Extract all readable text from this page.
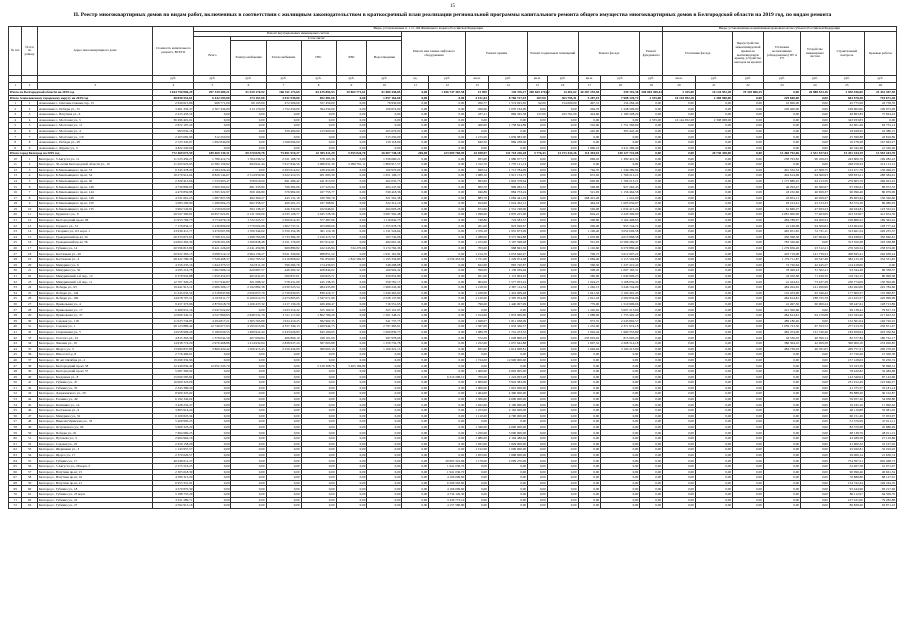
15
II. Реестр многоквартирных домов по видам работ, включенных в соответствии с жилищным законодательством в краткосрочный план реализации региональной программы капитального ремонта общего имущества многоквартирных домов в Белгородской области на 2019 год, по видам ремонта
№ п/п	№ п/п по району	Адрес многоквартирного дома	Стоимость капитального ремонта, ВСЕГО	Виды, установленные п. 1 ст. 166 Жилищного кодекса Российской Федерации															Виды, установленные нормативным правовым актом субъекта Российской Федерации						
				Ремонт внутридомовых инженерных систем						Ремонт или замена лифтового оборудования		Ремонт крыши		Ремонт подвальных помещений		Ремонт фасада		Ремонт фундамента	Утепление фасада		Переустройство невентилируемой крыши на вентилируемую крышу, устройство выходов на кровлю	Установка коллективных (общедомовых) ПУ и УУ	Устройство инженерных систем	Строительный контроль	Краевые работы
				Всего	в том числе:																				
					Электроснабжение	Теплоснабжение	ГВС	ХВС	Водоотведение																
			руб.	руб.	руб.	руб.	руб.	руб.	руб.	ед.	руб.	кв.м.	руб.	кв.м.	руб.	кв.м.	руб.	руб.	кв.м.	руб.	руб.	руб.	руб.	руб.	руб.
1	2	3	4	5	6	7	8	9	10	11	12	13	14	15	16	17	18	19	20	21	22	23	24	25	26
Итого по Белгородской области на 2019 год			1 644 750 806,29	297 339 489,21	91 529 170,92	166 511 173,69	63 435 894,93	29 804 771,61	61 089 448,85	0,00	1 046 747 367,58	15 859	130 376,27	260 845 470,62	14 401,62	40 387 255,58	259 192,38	206 804 498,43	2 335,00	16 144 952,28	70 318 806,25	0,00	26 888 523,16	2 030 556,00	25 432 307,38
Итого Алексеевскому городскому округу на 2019 год			48 850 551,61	6 442 293,00	274 167,00	4 551 939,00	692 481,00	0,00	1 057 164,00	0,00	0,00	4 151,63	8 760 727,93	207,00	363 795,41	5 287,19	7 908 149,72	2 335,00	16 144 952,28	2 308 968,00	0,00	229 600,00	0,00	843 578,38	710 671,28
1	1	Алексеевка г., Олеговы главные тер, 13	2 630 615,86	968 771,00	60 195,00	472 206,00	357 450,00	0,00	78 930,00	0,00	0,00	456,77	1 574 025,65	92,00	154 000,00	497,31	154 284,46	0,00	0,00	0,00	0,00	10 000,00	0,00	45 775,99	43 758,76
2	2	Алексеевка г., Победы ул., 72	3 461 332,37	2 367 434,00	214 170,00	1 752 250,00	394 332,00	0,00	106 672,00	0,00	0,00	456,00	1 070 164,00	0,00	0,00	294,70	1 228 599,00	0,00	0,00	0,00	0,00	230 400,00	0,00	109 602,66	109 973,09
3	3	Алексеевка г., Ватутина ул., 6	2 415 435,52	0,00	0,00	0,00	0,00	0,00	0,00	0,00	0,00	437,21	869 565,58	137,00	223 791,00	424,00	1 180 328,29	0,00	0,00	0,00	0,00	0,00	0,00	48 863,83	75 824,43
4	4	Алексеевка г., Мостовая ул., 5	36 496 401,61	0,00	0,00	0,00	0,00	0,00	0,00	0,00	0,00	0,00	0,00	0,00	0,00	0,00	0,00	2 335,00	16 144 952,28	2 308 968,00	0,00	0,00	0,00	343 933,83	0,00
5	5	Алексеевка г., Мостовая ул., 11	2 872 197,24	0,00	0,00	0,00	0,00	0,00	0,00	0,00	0,00	466,00	1 758 624,89	0,00	0,00	516,00	1 751 560,60	0,00	0,00	0,00	0,00	0,00	0,00	62 601,49	63 755,14
6	6	Алексеевка г., Мостовая ул., 4	993 032,18	0,00	0,00	329 400,00	123 900,00	0,00	205 670,00	0,00	0,00	0,00	0,00	0,00	0,00	245,00	303 445,44	0,00	0,00	0,00	0,00	0,00	0,00	18 928,65	16 380,15
7	7	Алексеевка г., Мостовая ул., 1/9	2 263 082,96	312 250,00	0,00	0,00	0,00	0,00	313 250,00	0,00	0,00	1 215,00	1 659 983,00	0,00	0,00	0,00	0,00	0,00	0,00	0,00	0,00	0,00	0,00	45 599,88	43 819,89
8	8	Алексеевка г., Победы ул., 28	2 723 345,67	1 692 840,00	0,00	1 598 094,00	0,00	0,00	159 118,00	0,00	0,00	640,50	869 238,00	0,00	0,00	0,00	0,00	0,00	0,00	0,00	0,00	0,00	0,00	16 278,28	167 663,27
9	9	Алексеевка г., Фрунзе ул., 3	4 822 220,00	0,00	0,00	0,00	0,00	0,00	0,00	0,00	0,00	0,00	0,00	0,00	0,00	1 866,23	3 411 289,40	0,00	0,00	0,00	0,00	0,00	0,00	40 542,48	41 520,49
Итого город Белгород на 2019 год			772 469 073,59	189 469 139,31	69 370 829,78	75 691 919,27	22 395 411,29	5 953 024,70	26 007 748,18	206,00	223 909 768,09	42 038,97	131 718 226,28	5 776,43	14 273 434,26	114 394,01	140 127 741,08	0,00	0,00	20 730 438,00	0,00	13 460 792,06	2 531 527,04	15 451 344,19	13 555 443,78
10	1	Белгород г., 5 Августа ул., 11	11 525 450,27	1 780 412,74	1 704 236,52	2 521 168,79	378 163,36	0,00	1 356 660,21	0,00	0,00	955,00	1 980 977,77	0,00	0,00	669,43	1 380 410,32	0,00	0,00	0,00	0,00	238 793,82	90 106,23	243 606,70	199 282,22
11	2	Белгород г., 50-летия Белгородской области ул., 10	11 263 923,93	12 384 159,92	994 941,44	7 617 844,56	1 089 631,39	2 099 791,11	1 809 917,57	0,00	0,00	1 312,70	1 770 121,14	0,00	0,00	0,00	0,00	0,00	0,00	0,00	0,00	0,00	0,00	248 258,34	214 113,12
12	3	Белгород г., Б.Хмельницкого пр-кт, 33	6 345 478,20	2 584 326,44	0,00	2 265 014,02	228 432,86	0,00	160 970,00	0,00	0,00	849,54	1 713 784,09	0,00	0,00	764,70	1 549 289,94	0,00	0,00	0,00	0,00	401 532,52	47 308,75	123 471,79	136 496,25
13	4	Белгород г., Б.Хмельницкого пр-кт, 34	16 279 914,64	8 826 144,67	2 514 959,96	3 622 410,53	901 683,39	0,00	1 651 106,17	0,00	0,00	1 088,10	1 915 154,75	0,00	0,00	672,92	1 766 213,21	0,00	0,00	0,00	0,00	404 614,69	94 366,93	338 833,21	288 384,61
14	5	Белгород г., Б.Хмельницкого пр-кт, 36	2 329 413,06	1 533 963,47	358 619,60	691 489,42	241 813,00	0,00	202 035,75	0,00	0,00	693,00	1 843 578,64	0,00	0,00	649,99	1 766 213,21	0,00	0,00	0,00	0,00	1 175 880,45	64 153,56	279 665,79	266 923,43
15	6	Белгород г., Б.Хмельницкого пр-кт, 140	4 739 899,93	2 069 394,62	681 335,80	766 382,06	217 223,94	0,00	404 247,94	0,00	0,00	900,70	999 962,31	0,00	0,00	548,99	927 262,43	0,00	0,00	0,00	0,00	46 293,47	40 360,97	97 036,61	86 072,53
16	7	Белгород г., Б.Хмельницкого пр-кт, 144	4 479 859,88	1 395 322,97	309 166,80	576 982,00	167 755,77	0,00	339 418,36	0,00	0,00	946,89	884 753,24	0,00	0,00	521,95	1 156 464,58	0,00	0,00	0,00	0,00	43 232,66	40 659,37	90 096,46	80 079,99
17	8	Белгород г., Б.Хмельницкого пр-кт, 148	4 531 661,23	1 687 827,58	482 360,27	443 131,16	169 782,79	0,00	321 561,38	0,00	0,00	883,76	1 084 441,29	0,00	0,00	268 415,26	1 241,00	0,00	0,00	0,00	0,00	43 831,11	40 659,37	89 605,64	136 326,60
18	9	Белгород г., Б.Хмельницкого пр-кт, 150	3 083 209,90	1 286 804,23	662 358,27	469 201,23	167 398,81	0,00	324 314,10	0,00	0,00	624,00	1 024 432,12	0,00	0,00	464,18	1 005 659,07	0,00	0,00	0,00	0,00	93 213,41	43 313,33	82 374,16	86 086,93
19	10	Белгород г., Б.Хмельницкого пр-кт, 135	3 902 543,81	1 159 620,00	394 138,47	426 332,00	102 046,01	0,00	264 003,28	0,00	0,00	672,00	1 531 748,00	0,00	0,00	549,00	1 034 415,24	0,00	0,00	0,00	0,00	61 660,27	47 933,23	66 634,81	123 552,01
20	11	Белгород г., Буденного ул., 8	29 597 390,81	10 657 022,81	2 131 500,00	4 335 128,77	1 045 728,36	0,00	3 087 562,48	0,00	0,00	1 298,00	2 870 225,00	0,00	0,00	604,22	2 220 300,00	0,00	0,00	0,00	0,00	2 081 900,00	77 463,09	413 533,07	412 654,59
21	12	Белгород г., Белгородский пр-кт, 96	11 953 706,73	3 774 676,16	1 722 225,57	2 300 614,45	377 487,66	0,00	1 116 842,73	0,00	0,00	748,80	724 583,37	0,00	0,00	598,60	2 164 498,63	0,00	0,00	0,00	0,00	484 788,97	94 206,54	196 880,22	189 362,22
22	13	Белгород г., Горького ул., 51	7 176 834,17	2 236 809,60	1 776 002,08	1 602 737,51	203 680,69	0,00	1 355 978,76	0,00	0,00	201,00	823 028,67	0,00	0,00	206,00	953 744,74	0,00	0,00	0,00	0,00	41 169,08	94 506,02	133 464,56	128 777,44
23	14	Белгород г., Гагарина ул., 6/1 корп. 1	23 930 411,77	3 476 007,68	1 700 344,02	5 359 354,38	361 110,18	0,00	1 131 524,64	0,00	0,00	1 376,18	1 955 873,09	0,00	0,00	1 199,40	3 052 006,58	0,00	0,00	0,00	0,00	465 651,65	31 731,11	313 461,54	226 255,37
24	15	Белгород г., Гражданский пр-кт, 34	26 333 872,63	3 768 321,04	1 298 793,08	2 733 384,30	1 010 413,70	0,00	103 742,06	0,00	0,00	1 288,00	9 575 694,88	0,00	0,00	1 076,69	4 013 868,58	0,00	0,00	0,00	0,00	450 398,36	167 064,91	354 638,05	350 846,81
25	16	Белгород г., Гражданский пр-кт, 56	24 604 363,39	2 928 201,96	1 566 828,48	2 011 179,00	657 612,91	0,00	492 601,34	0,00	0,00	1 472,00	5 107 598,48	0,00	0,00	591,93	12 566 269,47	0,00	0,00	0,00	0,00	783 326,46	0,00	313 356,38	193 338,88
26	17	Белгород г., Губкина ул., 14	20 596 813,89	8 421 226,00	2 241 459,86	669 889,82	222 245,84	534 270,66	3 174 762,36	0,00	0,00	703,00	968 843,30	0,00	0,00	1 102,60	6 579 880,40	0,00	0,00	0,00	0,00	1 279 656,26	23 512,21	276 326,54	258 674,00
27	18	Белгород г., Костюкова ул., 26	20 922 393,13	3 098 514,12	2 964 136,27	3 021 329,60	988 851,52	0,00	1 931 161,84	0,00	0,00	1 214,70	2 053 640,97	0,00	0,00	706,75	3 612 907,22	0,00	0,00	0,00	0,00	403 719,08	141 739,53	408 845,41	246 638,24
28	19	Белгород г., Костюкова ул., 4	28 422 789,36	7 528 468,37	1 502 705,52	2 216 806,64	791 850,82	1 822 569,67	1 195 334,80	0,00	4 559 453,04	1 751,00	1 229 974,08	0,00	0,00	1 084,46	2 113 504,96	0,00	0,00	0,00	0,00	1 179 711,87	29 547,48	382 133,18	334 331,65
29	20	Белгород г., Мичурина ул., 6	4 556 235,16	1 644 373,57	322 811,20	596 282,76	174 430,63	0,00	548 268,08	0,00	0,00	622,00	863 720,87	0,00	0,00	596,50	1 237 210,42	0,00	0,00	0,00	0,00	72 720,64	42 445,27	114 418,60	0,00
30	21	Белгород г., Мичурина ул., 50	4 295 216,78	1 962 966,14	620 887,57	446 282,32	408 840,02	0,00	166 904,42	0,00	0,00	599,00	1 139 039,46	0,00	0,00	598,26	1 097 183,31	0,00	0,00	0,00	0,00	78 499,43	31 302,41	93 344,28	89 338,37
31	22	Белгород г., Мичуринский 1-й пер., 12	6 379 932,88	1 650 452,03	465 641,65	560 837,61	160 825,71	0,00	450 852,89	0,00	0,00	651,00	1 172 904,03	0,00	0,00	560,00	1 040 900,25	0,00	0,00	0,00	0,00	43 450,68	71 439,70	119 742,15	80 099,38
32	23	Белгород г., Мичуринский 1-й пер., 11	12 767 320,23	1 557 942,87	301 088,32	578 431,00	245 138,35	0,00	359 781,17	0,00	0,00	904,00	1 577 053,22	0,00	0,00	1 024,27	3 168 059,43	0,00	0,00	0,00	0,00	41 424,61	73 437,28	230 774,09	150 394,96
33	24	Белгород г., Победы ул., 93	19 441 913,12	2 966 306,17	2 192 882,38	2 030 523,54	984 435,80	0,00	1 969 243,49	0,00	0,00	1 218,50	2 367 114,54	0,00	0,00	1 262,13	3 246 744,09	0,00	0,00	0,00	0,00	484 204,65	141 299,96	182 492,00	222 784,66
34	25	Белгород г., Победы ул., 144	11 245 032,54	2 318 847,86	2 056 657,70	2 729 630,95	839 416,17	0,00	1 049 465,60	0,00	0,00	1 228,00	1 416 009,48	0,00	0,00	1 041,56	2 160 401,45	0,00	0,00	0,00	0,00	132 453,00	63 346,42	177 609,37	135 960,87
35	26	Белгород г., Победы ул., 160	14 678 707,51	4 163 811,77	6 100 612,53	2 473 805,65	1 347 071,90	0,00	2 528 137,80	0,00	0,00	1 120,00	2 305 054,09	0,00	0,00	1 021,43	2 290 834,96	0,00	0,00	0,00	0,00	484 614,81	188 725,78	211 225,57	220 099,09
36	27	Белгород г., Привольная ул., 4	9 457 373,96	2 879 618,70	1 166 437,32	1 217 130,26	469 499,47	0,00	716 551,65	0,00	0,00	796,00	1 440 007,99	0,00	0,00	779,00	1 510 906,06	0,00	0,00	0,00	0,00	41 497,50	60 000,24	98 447,61	128 713,89
37	28	Белгород г., Привольная ул., 17	6 469 931,16	2 047 022,02	0,00	1 023 314,22	325 160,51	0,00	323 101,95	0,00	0,00	0,00	0,00	0,00	0,00	1 220,02	3 007 213,00	0,00	0,00	0,00	0,00	412 300,66	0,00	99 138,41	79 817,74
38	29	Белгород г., Привольная ул., 37	12 066 342,51	4 527 860,65	2 648 531,79	3 511 117,60	1 802 786,26	0,00	1 561 348,21	0,00	0,00	1 014,00	1 853 069,90	0,00	0,00	1 088,00	1 755 402,40	0,00	0,00	0,00	0,00	484 614,81	94 170,08	192 343,40	217 623,52
39	30	Белгород г., Садовая ул., 118	11 023 734,85	4 294 817,21	1 365 765,80	1 924 410,25	582 902,35	0,00	541 737,75	0,00	0,00	1 028,07	1 811 938,09	0,00	0,00	972,55	2 243 804,57	0,00	0,00	0,00	0,00	489 180,40	0,00	152 361,04	149 720,25
40	31	Белгород г., Садовая ул., 1	28 123 880,44	12 740 677,93	4 195 613,96	4 357 349,13	1 269 944,75	0,00	2 797 483,61	0,00	0,00	1 567,00	1 933 436,57	0,00	0,00	1 252,00	2 371 974,18	0,00	0,00	0,00	0,00	1 059 723,30	67 553,72	277 213,70	236 671,47
41	32	Белгород г., Спортивная ул., 5	14 658 906,26	5 189 629,55	1 489 922,44	2 433 626,85	643 160,65	0,00	1 000 839,77	0,00	0,00	1 089,78	1 741 253,55	0,00	0,00	1 002,44	1 960 553,80	0,00	0,00	0,00	0,00	482 474,06	131 740,46	184 658,94	203 356,84
42	33	Белгород г., Толстого ул., 22	4 815 363,39	1 376 042,59	407 000,84	406 860,10	198 101,00	0,00	287 978,06	0,00	0,00	572,00	1 028 890,03	0,00	0,00	233 003,02	815 093,20	0,00	0,00	0,00	0,00	44 530,03	40 596,14	82 577,84	180 722,17
43	34	Белгород г., Чапаева ул., 10	14 938 774,20	2 976 468,86	1 214 932,04	2 828 937,24	587 065,88	0,00	1 359 732,78	0,00	0,00	1 252,00	1 657 642,88	0,00	0,00	1 007,52	2 208 514,18	0,00	0,00	0,00	0,00	386 304,10	42 209,58	390 000,10	233 026,85
44	35	Белгород г., Щорса ул., 3	13 984 837,89	3 869 420,42	1 509 415,45	2 259 434,60	380 603,16	0,00	1 169 321,13	0,00	0,00	825,00	1 614 008,81	0,00	0,00	1 049,64	3 100 213,00	0,00	0,00	0,00	0,00	484 739,03	46 761,05	209 757,21	200 276,02
45	36	Белгород г., Юности б-р, 8	2 776 409,61	0,00	0,00	0,00	0,00	0,00	0,00	0,00	0,00	0,00	0,00	0,00	0,00	0,00	0,00	0,00	0,00	0,00	0,00	0,00	0,00	27 720,40	21 506,38
46	37	Белгород г., 60 лет Октября ул., 2	19 299 332,96	0,00	0,00	0,00	0,00	0,00	0,00	0,00	0,00	1 724,00	12 900 000,00	0,00	0,00	0,00	0,00	0,00	0,00	0,00	0,00	0,00	0,00	157 128,63	35 250,74
47	38	Белгород г., Белгородский пр-кт, 58	12 440 836,49	12 952 245,70	0,00	0,00	5 918 308,76	3 463 184,89	0,00	0,00	0,00	0,00	0,00	0,00	0,00	0,00	0,00	0,00	0,00	0,00	0,00	0,00	0,00	93 163,59	50 098,51
48	39	Белгород г., Белгородский пр-кт, 57	5 087 300,92	0,00	0,00	0,00	0,00	0,00	0,00	0,00	0,00	1 406,00	4 802 005,00	0,00	0,00	0,00	0,00	0,00	0,00	0,00	0,00	0,00	0,00	78 429,82	32 484,68
49	40	Белгород г., Богданова ул., 8	15 090 585,84	0,00	0,00	0,00	0,00	0,00	0,00	0,00	6 310 208,10	700,00	1 224 003,28	0,00	0,00	0,00	0,00	0,00	0,00	0,00	0,00	0,00	0,00	143 349,64	87 143,60
50	41	Белгород г., Губкина ул., 47	16 900 323,06	0,00	0,00	0,00	0,00	0,00	0,00	0,00	0,00	2 009,00	3 924 383,09	0,00	0,00	0,00	0,00	0,00	0,00	0,00	0,00	0,00	0,00	231 912,49	123 940,27
51	42	Белгород г., Губкина ул., 35	2 343 389,20	0,00	0,00	0,00	0,00	0,00	0,00	0,00	0,00	1 006,00	1 910 000,00	0,00	0,00	0,00	0,00	0,00	0,00	0,00	0,00	0,00	0,00	41 375,57	33 181,14
52	43	Белгород г., Дзержинского ул., 59	8 900 325,02	0,00	0,00	0,00	0,00	0,00	0,00	0,00	0,00	1 404,00	4 360 000,00	0,00	0,00	0,00	0,00	0,00	0,00	0,00	0,00	0,00	0,00	89 888,20	30 102,87
53	44	Белгород г., Есенина ул., 40	6 192 342,02	0,00	0,00	0,00	0,00	0,00	0,00	0,00	0,00	1 506,00	4 000 000,00	0,00	0,00	0,00	0,00	0,00	0,00	0,00	0,00	0,00	0,00	59 957,26	54 938,80
54	45	Белгород г., Калинина ул., 14	3 428 232,27	0,00	0,00	0,00	0,00	0,00	0,00	0,00	0,00	1 022,00	2 100 000,00	0,00	0,00	0,00	0,00	0,00	0,00	0,00	0,00	0,00	0,00	16 245,16	17 000,62
55	46	Белгород г., Костюкова ул., 9	3 803 914,20	0,00	0,00	0,00	0,00	0,00	0,00	0,00	0,00	1 253,00	2 162 000,00	0,00	0,00	0,00	0,00	0,00	0,00	0,00	0,00	0,00	0,00	46 119,88	35 081,02
56	47	Белгород г., Мичурина ул., 52	6 100 823,34	0,00	0,00	0,00	0,00	0,00	0,00	0,00	0,00	1 110,00	4 790 000,00	0,00	0,00	0,00	0,00	0,00	0,00	0,00	0,00	0,00	0,00	60 151,49	37 053,07
57	48	Белгород г., Николая Чумичова ул., 33	5 409 993,25	0,00	0,00	0,00	0,00	0,00	0,00	0,00	0,00	0,00	0,00	0,00	0,00	0,00	0,00	0,00	0,00	0,00	0,00	0,00	0,00	51 376,99	47 011,11
58	49	Белгород г., Островского ул., 26	5 609 323,20	0,00	0,00	0,00	0,00	0,00	0,00	0,00	0,00	1 340,00	4 600 000,00	0,00	0,00	0,00	0,00	0,00	0,00	0,00	0,00	0,00	0,00	82 370,68	45 880,49
59	50	Белгород г., Победы ул., 61	7 664 960,25	0,00	0,00	0,00	0,00	0,00	0,00	0,00	0,00	1 256,00	5 000 000,00	0,00	0,00	0,00	0,00	0,00	0,00	0,00	0,00	0,00	0,00	68 138,79	48 011,15
60	51	Белгород г., Пугачева ул., 5	2 964 964,16	0,00	0,00	0,00	0,00	0,00	0,00	0,00	0,00	1 086,00	2 164 480,00	0,00	0,00	0,00	0,00	0,00	0,00	0,00	0,00	0,00	0,00	43 289,58	27 119,86
61	52	Белгород г., Садовая ул., 25	2 459 158,26	0,00	0,00	0,00	0,00	0,00	0,00	0,00	0,00	1 025,00	1 829 000,00	0,00	0,00	0,00	0,00	0,00	0,00	0,00	0,00	0,00	0,00	41 600,32	23 107,02
62	53	Белгород г., Шершнева ул., 3	1 143 957,57	0,00	0,00	0,00	0,00	0,00	0,00	0,00	0,00	1 152,00	1 000 000,00	0,00	0,00	0,00	0,00	0,00	0,00	0,00	0,00	0,00	0,00	45 920,81	32 019,02
63	54	Белгород г., Щорса ул., 17	2 370 629,57	0,00	0,00	0,00	0,00	0,00	0,00	0,00	0,00	1 053,00	1 868 000,00	0,00	0,00	0,00	0,00	0,00	0,00	0,00	0,00	0,00	0,00	29 000,14	21 630,74
64	55	Белгород г., Губкина ул., 17	40 048 611,27	0,00	0,00	0,00	0,00	0,00	0,00	0,00	29 903 322,86	1 178,00	2 009 270,00	0,00	0,00	0,00	0,00	0,00	0,00	0,00	0,00	0,00	0,00	754 397,51	902 468,73
65	56	Белгород г., 5 Августа ул., 28 корп. 2	2 275 516,25	0,00	0,00	0,00	0,00	0,00	0,00	0,00	1 941 036,70	0,00	0,00	0,00	0,00	0,00	0,00	0,00	0,00	0,00	0,00	0,00	0,00	52 407,58	41 071,97
66	57	Белгород г., Ватутина пр-кт, 15	2 305 618,39	0,00	0,00	0,00	0,00	0,00	0,00	0,00	1 941 036,70	0,00	0,00	0,00	0,00	0,00	0,00	0,00	0,00	0,00	0,00	0,00	0,00	90 096,46	40 661,54
67	58	Белгород г., Ватутина пр-кт, 16	4 580 313,20	0,00	0,00	0,00	0,00	0,00	0,00	0,00	4 166 009,60	0,00	0,00	0,00	0,00	0,00	0,00	0,00	0,00	0,00	0,00	0,00	0,00	76 888,86	88 127,01
68	59	Белгород г., Ватутина пр-кт, 21	6 953 331,91	0,00	0,00	0,00	0,00	0,00	0,00	0,00	6 296 583,80	0,00	0,00	0,00	0,00	0,00	0,00	0,00	0,00	0,00	0,00	0,00	0,00	134 742,44	109 244,76
69	60	Белгород г., Губкина ул., 18	4 579 870,39	0,00	0,00	0,00	0,00	0,00	0,00	0,00	4 166 009,60	0,00	0,00	0,00	0,00	0,00	0,00	0,00	0,00	0,00	0,00	0,00	0,00	95 444,96	83 217,69
70	61	Белгород г., Губкина ул., 23 корп.	5 188 755,29	0,00	0,00	0,00	0,00	0,00	0,00	0,00	4 734 126,30	0,00	0,00	0,00	0,00	0,00	0,00	0,00	0,00	0,00	0,00	0,00	0,00	86 112,97	64 509,70
71	62	Белгород г., Губкина ул., 22	3 911 289,71	0,00	0,00	0,00	0,00	0,00	0,00	0,00	3 430 773,10	0,00	0,00	0,00	0,00	0,00	0,00	0,00	0,00	0,00	0,00	0,00	0,00	107 431,00	79 282,88
72	63	Белгород г., Губкина ул., 27	4 592 913,16	0,00	0,00	0,00	0,00	0,00	0,00	0,00	4 157 580,80	0,00	0,00	0,00	0,00	0,00	0,00	0,00	0,00	0,00	0,00	0,00	0,00	86 828,40	63 871,43
